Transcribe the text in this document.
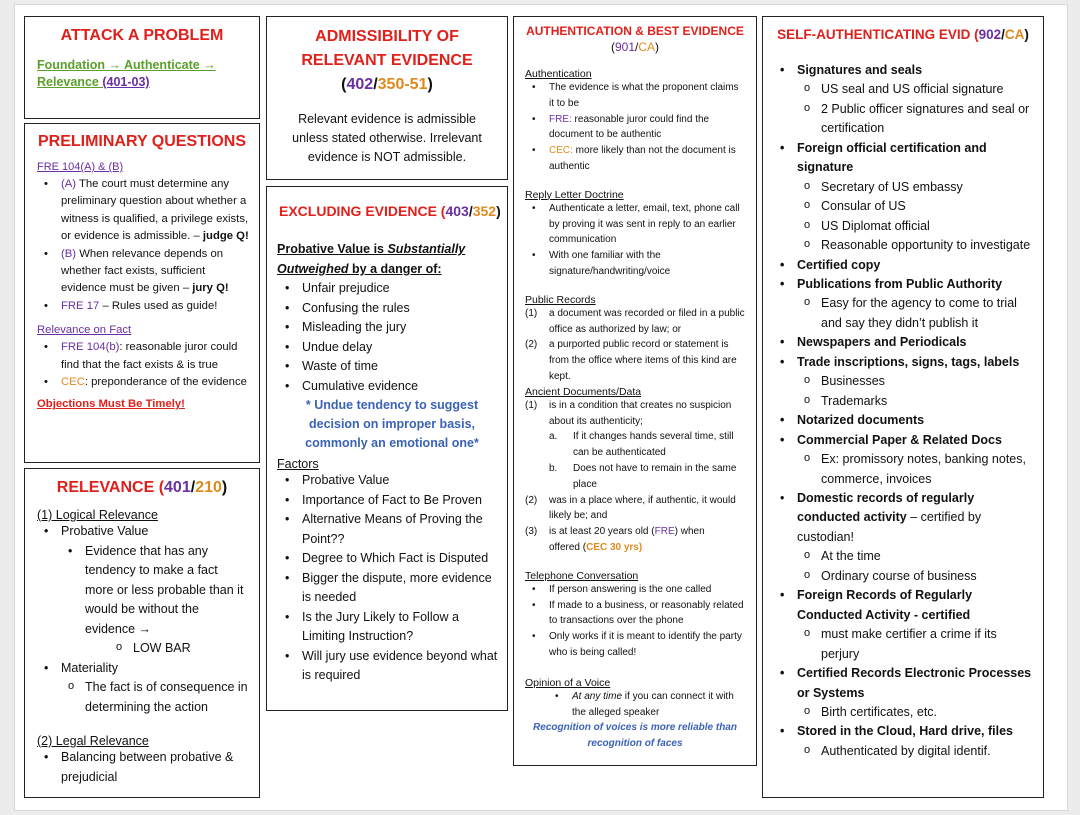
ATTACK A PROBLEM
Foundation → Authenticate →
Relevance (401-03)
PRELIMINARY QUESTIONS
FRE 104(A) & (B)
• (A) The court must determine any preliminary question about whether a witness is qualified, a privilege exists, or evidence is admissible. – judge Q!
• (B) When relevance depends on whether fact exists, sufficient evidence must be given – jury Q!
• FRE 17 – Rules used as guide!
Relevance on Fact
• FRE 104(b): reasonable juror could find that the fact exists & is true
• CEC: preponderance of the evidence
Objections Must Be Timely!
RELEVANCE (401/210)
(1) Logical Relevance
• Probative Value
• Evidence that has any tendency to make a fact more or less probable than it would be without the evidence →
o LOW BAR
• Materiality
o The fact is of consequence in determining the action
(2) Legal Relevance
• Balancing between probative & prejudicial
ADMISSIBILITY OF
RELEVANT EVIDENCE
(402/350-51)
Relevant evidence is admissible unless stated otherwise. Irrelevant evidence is NOT admissible.
EXCLUDING EVIDENCE (403/352)
Probative Value is Substantially
Outweighed by a danger of:
• Unfair prejudice
• Confusing the rules
• Misleading the jury
• Undue delay
• Waste of time
• Cumulative evidence
* Undue tendency to suggest decision on improper basis, commonly an emotional one*
Factors
• Probative Value
• Importance of Fact to Be Proven
• Alternative Means of Proving the Point??
• Degree to Which Fact is Disputed
• Bigger the dispute, more evidence is needed
• Is the Jury Likely to Follow a Limiting Instruction?
• Will jury use evidence beyond what is required
AUTHENTICATION & BEST EVIDENCE
(901/CA)
Authentication
• The evidence is what the proponent claims it to be
• FRE: reasonable juror could find the document to be authentic
• CEC: more likely than not the document is authentic
Reply Letter Doctrine
• Authenticate a letter, email, text, phone call by proving it was sent in reply to an earlier communication
• With one familiar with the signature/handwriting/voice
Public Records
(1)	a document was recorded or filed in a public office as authorized by law; or
(2)	a purported public record or statement is from the office where items of this kind are kept.
Ancient Documents/Data
(1)	is in a condition that creates no suspicion about its authenticity;
a.	If it changes hands several time, still can be authenticated
b.	Does not have to remain in the same place
(2)	was in a place where, if authentic, it would likely be; and
(3)	is at least 20 years old (FRE) when
offered (CEC 30 yrs)
Telephone Conversation
• If person answering is the one called
• If made to a business, or reasonably related to transactions over the phone
• Only works if it is meant to identify the party who is being called!
Opinion of a Voice
• At any time if you can connect it with the alleged speaker
Recognition of voices is more reliable than recognition of faces
SELF-AUTHENTICATING EVID (902/CA)
• Signatures and seals
o US seal and US official signature
o 2 Public officer signatures and seal or certification
• Foreign official certification and signature
o Secretary of US embassy
o Consular of US
o US Diplomat official
o Reasonable opportunity to investigate
• Certified copy
• Publications from Public Authority
o Easy for the agency to come to trial and say they didn’t publish it
• Newspapers and Periodicals
• Trade inscriptions, signs, tags, labels
o Businesses
o Trademarks
• Notarized documents
• Commercial Paper & Related Docs
o Ex: promissory notes, banking notes, commerce, invoices
• Domestic records of regularly conducted activity – certified by custodian!
o At the time
o Ordinary course of business
• Foreign Records of Regularly Conducted Activity - certified
o must make certifier a crime if its perjury
• Certified Records Electronic Processes or Systems
o Birth certificates, etc.
• Stored in the Cloud, Hard drive, files
o Authenticated by digital identif.
